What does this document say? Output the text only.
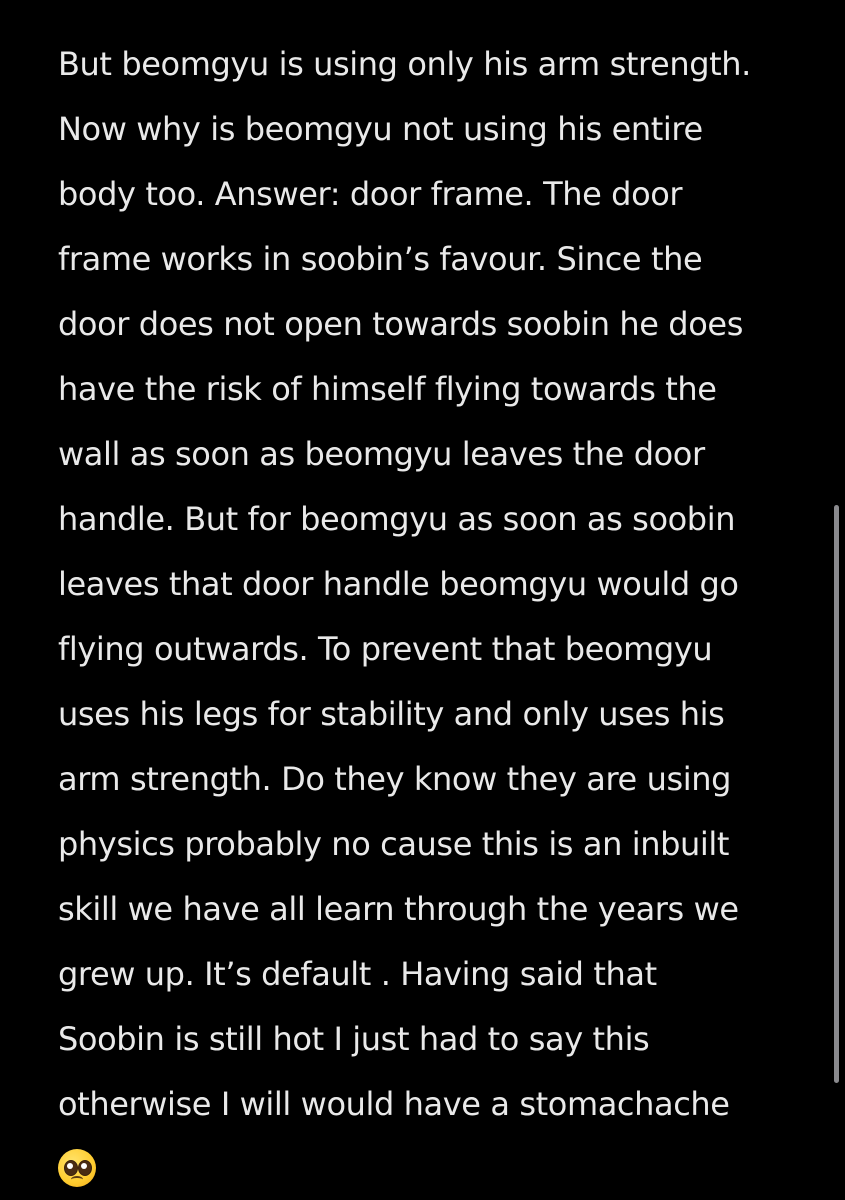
But beomgyu is using only his arm strength.
Now why is beomgyu not using his entire
body too. Answer: door frame. The door
frame works in soobin’s favour. Since the
door does not open towards soobin he does
have the risk of himself flying towards the
wall as soon as beomgyu leaves the door
handle. But for beomgyu as soon as soobin
leaves that door handle beomgyu would go
flying outwards. To prevent that beomgyu
uses his legs for stability and only uses his
arm strength. Do they know they are using
physics probably no cause this is an inbuilt
skill we have all learn through the years we
grew up. It’s default . Having said that
Soobin is still hot I just had to say this
otherwise I will would have a stomachache
